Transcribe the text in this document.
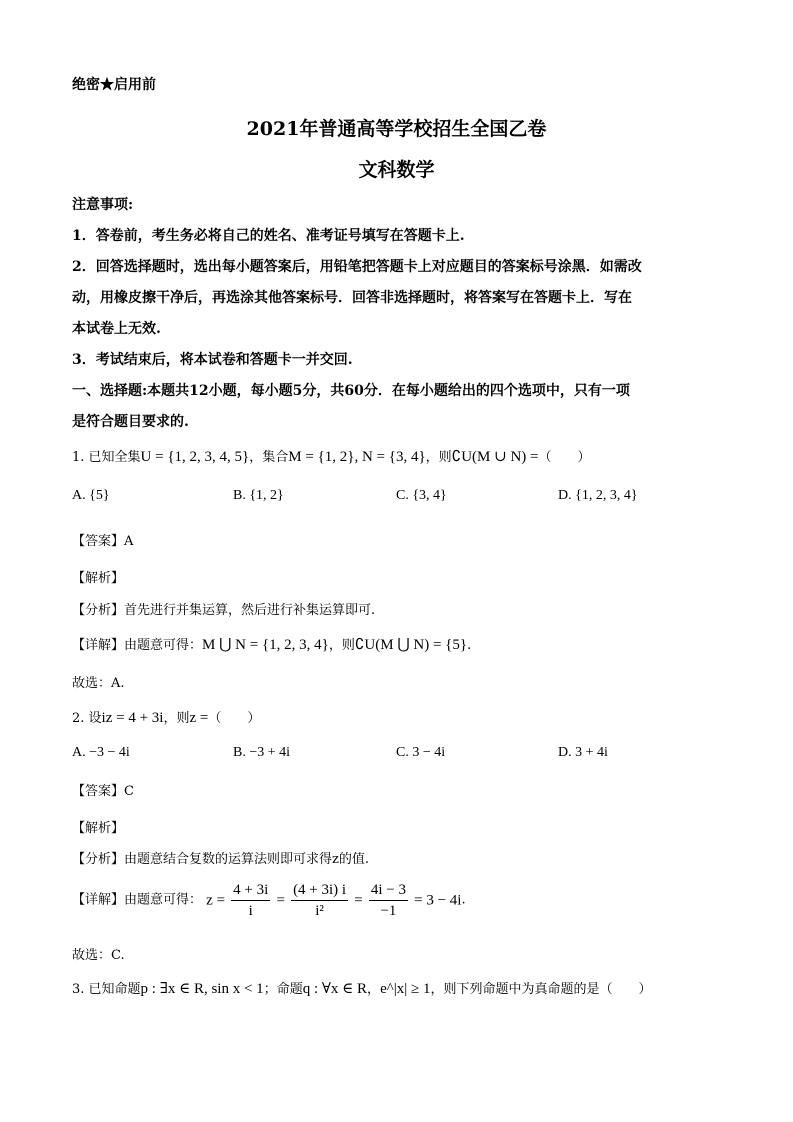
绝密★启用前
2021年普通高等学校招生全国乙卷
文科数学
注意事项:
1．答卷前，考生务必将自己的姓名、准考证号填写在答题卡上.
2．回答选择题时，选出每小题答案后，用铅笔把答题卡上对应题目的答案标号涂黑．如需改
动，用橡皮擦干净后，再选涂其他答案标号．回答非选择题时，将答案写在答题卡上．写在
本试卷上无效.
3．考试结束后，将本试卷和答题卡一并交回.
一、选择题:本题共12小题，每小题5分，共60分．在每小题给出的四个选项中，只有一项
是符合题目要求的.
1. 已知全集U = {1, 2, 3, 4, 5}，集合M = {1, 2}, N = {3, 4}，则∁U(M ∪ N) =（　　）
A. {5}	B. {1, 2}	C. {3, 4}	D. {1, 2, 3, 4}
【答案】A
【解析】
【分析】首先进行并集运算，然后进行补集运算即可.
【详解】由题意可得：M ⋃ N = {1, 2, 3, 4}，则∁U(M ⋃ N) = {5}.
故选：A.
2. 设iz = 4 + 3i，则z =（　　）
A. −3 − 4i	B. −3 + 4i	C. 3 − 4i	D. 3 + 4i
【答案】C
【解析】
【分析】由题意结合复数的运算法则即可求得z的值.
【详解】由题意可得： $z = \frac{4 + 3i}{i} = \frac{(4 + 3i) i}{\text{i²}} = \frac{4i - 3}{-1} = 3 - 4i$.
故选：C.
3. 已知命题p : ∃x ∈ R, sin x < 1；命题q : ∀x ∈ R，e^|x| ≥ 1，则下列命题中为真命题的是（　　）
